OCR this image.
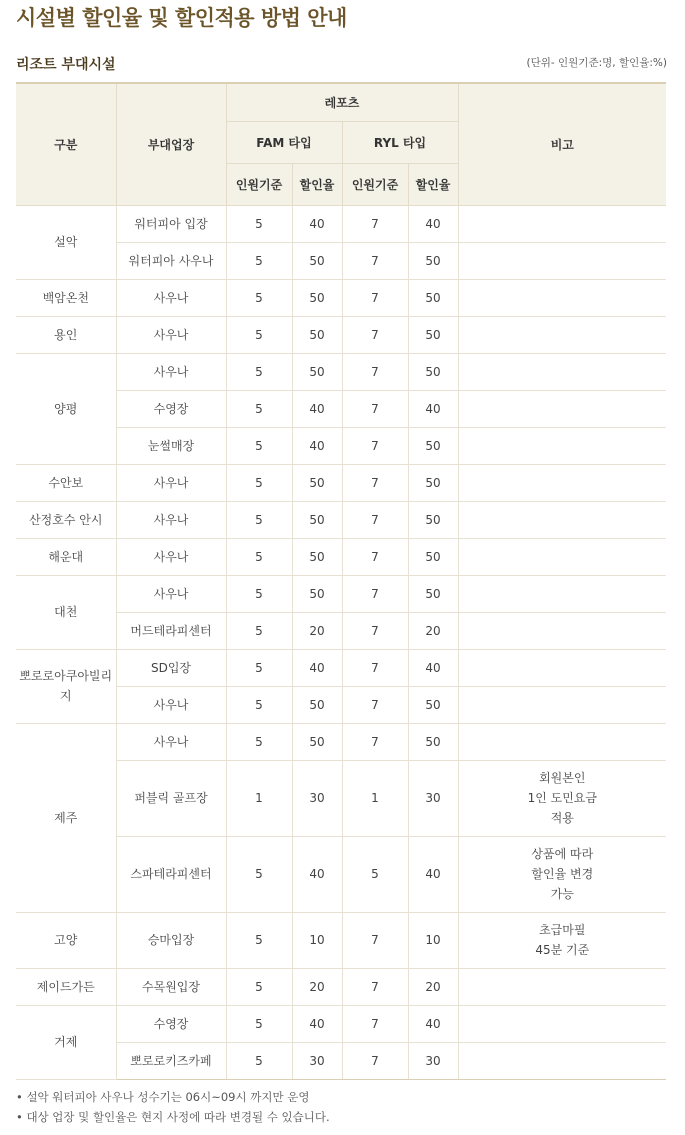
시설별 할인율 및 할인적용 방법 안내
리조트 부대시설	(단위- 인원기준:명, 할인율:%)
구분	부대업장	레포츠				비고
		FAM 타입		RYL 타입		
		인원기준	할인율	인원기준	할인율	
설악	워터피아 입장	5	40	7	40	
	워터피아 사우나	5	50	7	50	
백암온천	사우나	5	50	7	50	
용인	사우나	5	50	7	50	
양평	사우나	5	50	7	50	
	수영장	5	40	7	40	
	눈썰매장	5	40	7	50	
수안보	사우나	5	50	7	50	
산정호수 안시	사우나	5	50	7	50	
해운대	사우나	5	50	7	50	
대천	사우나	5	50	7	50	
	머드테라피센터	5	20	7	20	
뽀로로아쿠아빌리지	SD입장	5	40	7	40	
	사우나	5	50	7	50	
제주	사우나	5	50	7	50	
	퍼블릭 골프장	1	30	1	30	회원본인
1인 도민요금
적용

	스파테라피센터	5	40	5	40	상품에 따라
할인율 변경
가능

고양	승마입장	5	10	7	10	초급마필
45분 기준

제이드가든	수목원입장	5	20	7	20	
거제	수영장	5	40	7	40	
	뽀로로키즈카페	5	30	7	30	
• 설악 워터피아 사우나 성수기는 06시~09시 까지만 운영
• 대상 업장 및 할인율은 현지 사정에 따라 변경될 수 있습니다.
